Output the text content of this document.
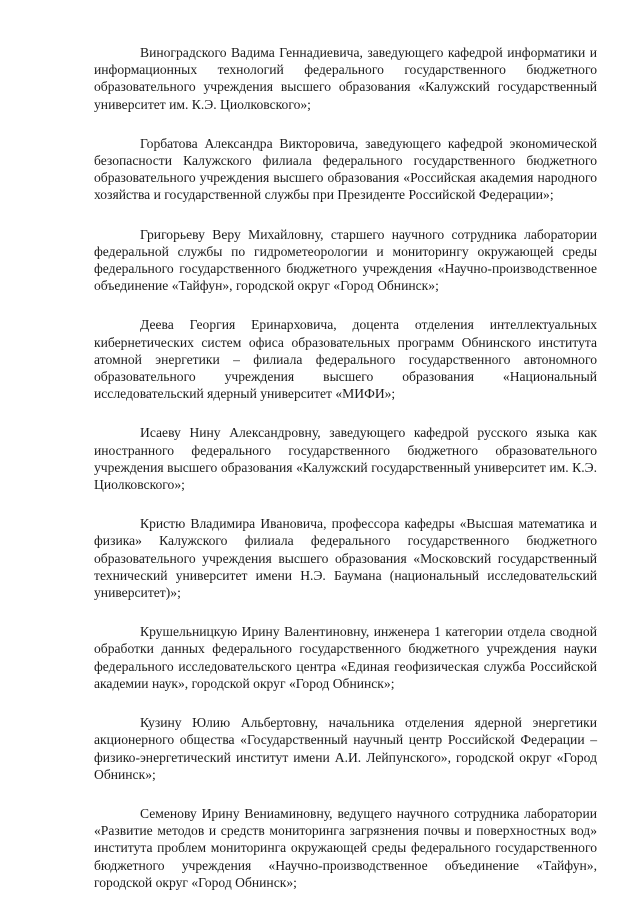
Виноградского Вадима Геннадиевича, заведующего кафедрой информатики и информационных технологий федерального государственного бюджетного образовательного учреждения высшего образования «Калужский государственный университет им. К.Э. Циолковского»;

Горбатова Александра Викторовича, заведующего кафедрой экономической безопасности Калужского филиала федерального государственного бюджетного образовательного учреждения высшего образования «Российская академия народного хозяйства и государственной службы при Президенте Российской Федерации»;

Григорьеву Веру Михайловну, старшего научного сотрудника лаборатории федеральной службы по гидрометеорологии и мониторингу окружающей среды федерального государственного бюджетного учреждения «Научно-производственное объединение «Тайфун», городской округ «Город Обнинск»;

Деева Георгия Еринарховича, доцента отделения интеллектуальных кибернетических систем офиса образовательных программ Обнинского института атомной энергетики – филиала федерального государственного автономного образовательного учреждения высшего образования «Национальный исследовательский ядерный университет «МИФИ»;

Исаеву Нину Александровну, заведующего кафедрой русского языка как иностранного федерального государственного бюджетного образовательного учреждения высшего образования «Калужский государственный университет им. К.Э. Циолковского»;

Кристю Владимира Ивановича, профессора кафедры «Высшая математика и физика» Калужского филиала федерального государственного бюджетного образовательного учреждения высшего образования «Московский государственный технический университет имени Н.Э. Баумана (национальный исследовательский университет)»;

Крушельницкую Ирину Валентиновну, инженера 1 категории отдела сводной обработки данных федерального государственного бюджетного учреждения науки федерального исследовательского центра «Единая геофизическая служба Российской академии наук», городской округ «Город Обнинск»;

Кузину Юлию Альбертовну, начальника отделения ядерной энергетики акционерного общества «Государственный научный центр Российской Федерации – физико-энергетический институт имени А.И. Лейпунского», городской округ «Город Обнинск»;

Семенову Ирину Вениаминовну, ведущего научного сотрудника лаборатории «Развитие методов и средств мониторинга загрязнения почвы и поверхностных вод» института проблем мониторинга окружающей среды федерального государственного бюджетного учреждения «Научно-производственное объединение «Тайфун», городской округ «Город Обнинск»;
